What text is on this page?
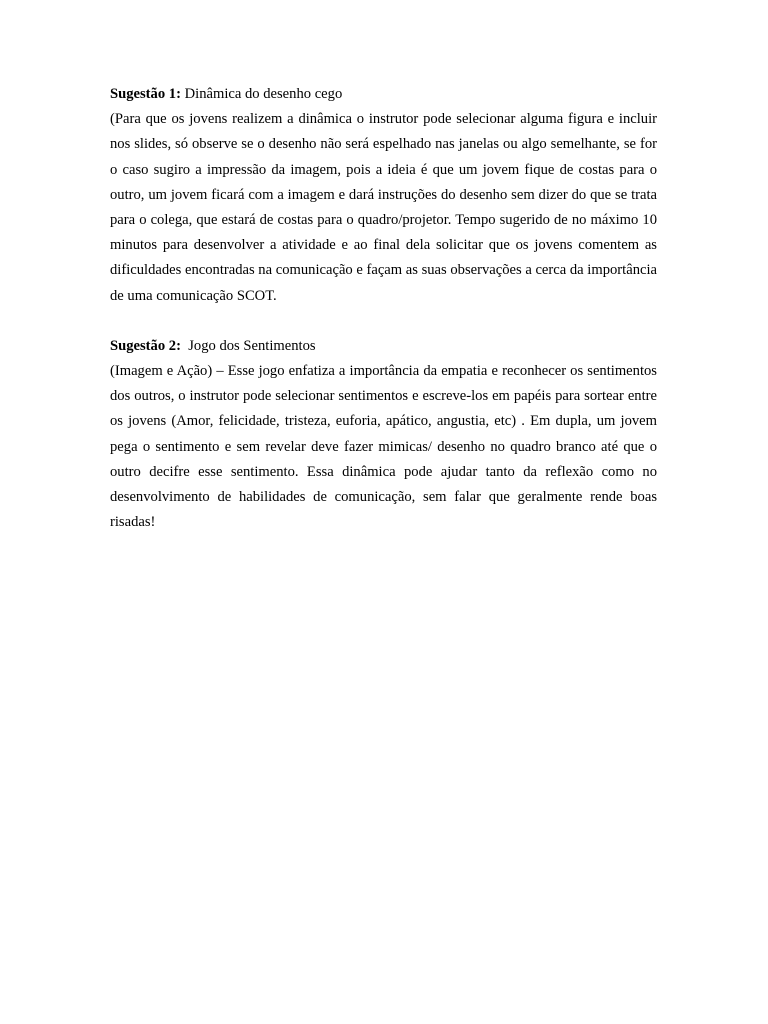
Sugestão 1: Dinâmica do desenho cego

(Para que os jovens realizem a dinâmica o instrutor pode selecionar alguma figura e incluir nos slides, só observe se o desenho não será espelhado nas janelas ou algo semelhante, se for o caso sugiro a impressão da imagem, pois a ideia é que um jovem fique de costas para o outro, um jovem ficará com a imagem e dará instruções do desenho sem dizer do que se trata para o colega, que estará de costas para o quadro/projetor. Tempo sugerido de no máximo 10 minutos para desenvolver a atividade e ao final dela solicitar que os jovens comentem as dificuldades encontradas na comunicação e façam as suas observações a cerca da importância de uma comunicação SCOT.

Sugestão 2:  Jogo dos Sentimentos

(Imagem e Ação) – Esse jogo enfatiza a importância da empatia e reconhecer os sentimentos dos outros, o instrutor pode selecionar sentimentos e escreve-los em papéis para sortear entre os jovens (Amor, felicidade, tristeza, euforia, apático, angustia, etc) . Em dupla, um jovem pega o sentimento e sem revelar deve fazer mimicas/ desenho no quadro branco até que o outro decifre esse sentimento. Essa dinâmica pode ajudar tanto da reflexão como no desenvolvimento de habilidades de comunicação, sem falar que geralmente rende boas risadas!
